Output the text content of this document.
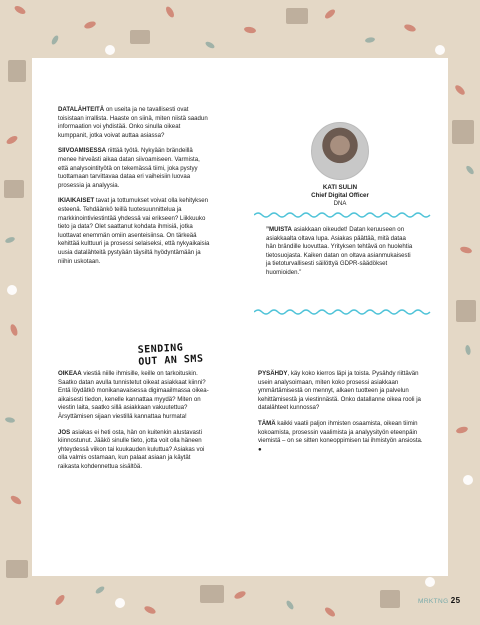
DATALÄHTEITÄ on useita ja ne tavallisesti ovat toisistaan irrallista. Haaste on siinä, miten niistä saadun informaation voi yhdistää. Onko sinulla oikeat kumppanit, jotka voivat auttaa asiassa?

SIIVOAMISESSA riittää työtä. Nykyään brändeillä menee hirveästi aikaa datan siivoamiseen. Varmista, että analysointityötä on tekemässä tiimi, joka pystyy tuottamaan tarvittavaa dataa eri vaiheisiin luovaa prosessia ja analyysia.

IKIAIKAISET tavat ja tottumukset voivat olla kehityksen esteenä. Tehdäänkö teillä tuotesuunnittelua ja markkinointiviestintää yhdessä vai erikseen? Liikkuuko tieto ja data? Olet saattanut kohdata ihmisiä, jotka luottavat enemmän omiin asenteisiinsa. On tärkeää kehittää kulttuuri ja prosessi selaiseksi, että nykyaikaisia uusia datalähteitä pystyään täysiltä hyödyntämään ja niihin uskotaan.

SENDING OUT AN SMS

OIKEAA viestiä niille ihmisille, keille on tarkoituskin. Saatko datan avulla tunnistetut oikeat asiakkaat kiinni? Entä löydätkö monikanavaisessa digimaailmassa oikea-aikaisesti tiedon, kenelle kannattaa myydä? Miten on viestin laita, saatko sillä asiakkaan vakuutettua? Ärsyttämisen sijaan viestillä kannattaa hurmata!

JOS asiakas ei heti osta, hän on kuitenkin alustavasti kiinnostunut. Jääkö sinulle tieto, jotta voit olla häneen yhteydessä viikon tai kuukauden kuluttua? Asiakas voi olla valmis ostamaan, kun palaat asiaan ja käytät raikasta kohdennettua sisältöä.

KATI SULIN
Chief Digital Officer
DNA
”MUISTA asiakkaan oikeudet! Datan keruuseen on asiakkaalta oltava lupa. Asiakas päättää, mitä dataa hän brändille luovuttaa. Yrityksen tehtävä on huolehtia tietosuojasta. Kaiken datan on oltava asianmukaisesti ja tietoturvallisesti säilöttyä GDPR-säädökset huomioiden.”

PYSÄHDY, käy koko kierros läpi ja toista. Pysähdy riittävän usein analysoimaan, miten koko prosessi asiakkaan ymmärtämisestä on mennyt, alkaen tuotteen ja palvelun kehittämisestä ja viestinnästä. Onko datallanne oikea rooli ja datalähteet kunnossa?

TÄMÄ kaikki vaatii paljon ihmisten osaamista, oikean tiimin kokoamista, prosessin vaalimista ja analyysityön eteenpäin viemistä – on se sitten koneoppimisen tai ihmistyön ansiosta. ●

MRKTNG 25
